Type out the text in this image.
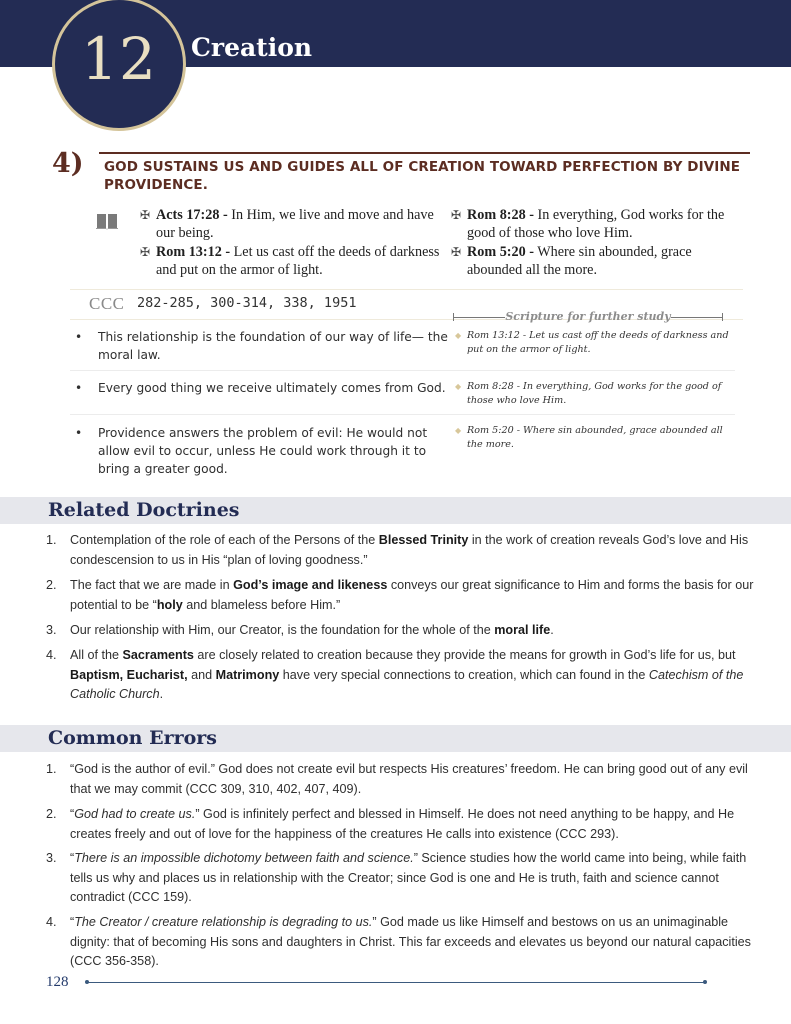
12	Creation
4) GOD SUSTAINS US AND GUIDES ALL OF CREATION TOWARD PERFECTION BY DIVINE PROVIDENCE.
✠ Acts 17:28 - In Him, we live and move and have our being.
✠ Rom 13:12 - Let us cast off the deeds of darkness and put on the armor of light.
✠ Rom 8:28 - In everything, God works for the good of those who love Him.
✠ Rom 5:20 - Where sin abounded, grace abounded all the more.
CCC 282-285, 300-314, 338, 1951
• This relationship is the foundation of our way of life— the moral law.
• Every good thing we receive ultimately comes from God.
• Providence answers the problem of evil: He would not allow evil to occur, unless He could work through it to bring a greater good.
Scripture for further study
◆ Rom 13:12 - Let us cast off the deeds of darkness and put on the armor of light.
◆ Rom 8:28 - In everything, God works for the good of those who love Him.
◆ Rom 5:20 - Where sin abounded, grace abounded all the more.
Related Doctrines
1. Contemplation of the role of each of the Persons of the Blessed Trinity in the work of creation reveals God’s love and His condescension to us in His “plan of loving goodness.”
2. The fact that we are made in God’s image and likeness conveys our great significance to Him and forms the basis for our potential to be “holy and blameless before Him.”
3. Our relationship with Him, our Creator, is the foundation for the whole of the moral life.
4. All of the Sacraments are closely related to creation because they provide the means for growth in God’s life for us, but Baptism, Eucharist, and Matrimony have very special connections to creation, which can found in the Catechism of the Catholic Church.
Common Errors
1. “God is the author of evil.” God does not create evil but respects His creatures’ freedom. He can bring good out of any evil that we may commit (CCC 309, 310, 402, 407, 409).
2. “God had to create us.” God is infinitely perfect and blessed in Himself. He does not need anything to be happy, and He creates freely and out of love for the happiness of the creatures He calls into existence (CCC 293).
3. “There is an impossible dichotomy between faith and science.” Science studies how the world came into being, while faith tells us why and places us in relationship with the Creator; since God is one and He is truth, faith and science cannot contradict (CCC 159).
4. “The Creator / creature relationship is degrading to us.” God made us like Himself and bestows on us an unimaginable dignity: that of becoming His sons and daughters in Christ. This far exceeds and elevates us beyond our natural capacities (CCC 356-358).
128
